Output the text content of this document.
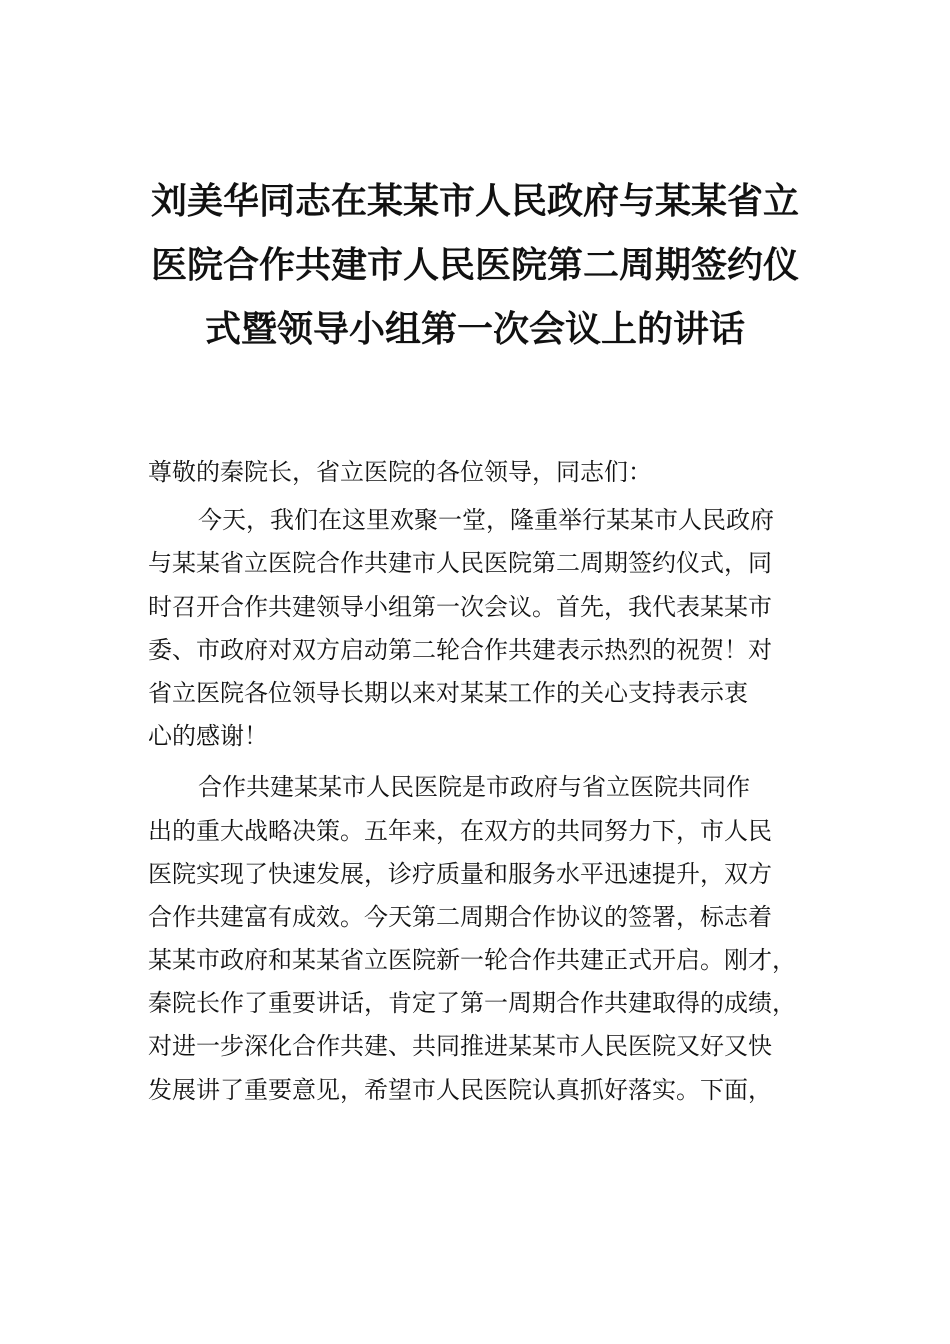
刘美华同志在某某市人民政府与某某省立
医院合作共建市人民医院第二周期签约仪
式暨领导小组第一次会议上的讲话
尊敬的秦院长，省立医院的各位领导，同志们：
今天，我们在这里欢聚一堂，隆重举行某某市人民政府
与某某省立医院合作共建市人民医院第二周期签约仪式，同
时召开合作共建领导小组第一次会议。首先，我代表某某市
委、市政府对双方启动第二轮合作共建表示热烈的祝贺！对
省立医院各位领导长期以来对某某工作的关心支持表示衷
心的感谢！
合作共建某某市人民医院是市政府与省立医院共同作
出的重大战略决策。五年来，在双方的共同努力下，市人民
医院实现了快速发展，诊疗质量和服务水平迅速提升，双方
合作共建富有成效。今天第二周期合作协议的签署，标志着
某某市政府和某某省立医院新一轮合作共建正式开启。刚才，
秦院长作了重要讲话，肯定了第一周期合作共建取得的成绩，
对进一步深化合作共建、共同推进某某市人民医院又好又快
发展讲了重要意见，希望市人民医院认真抓好落实。下面，
